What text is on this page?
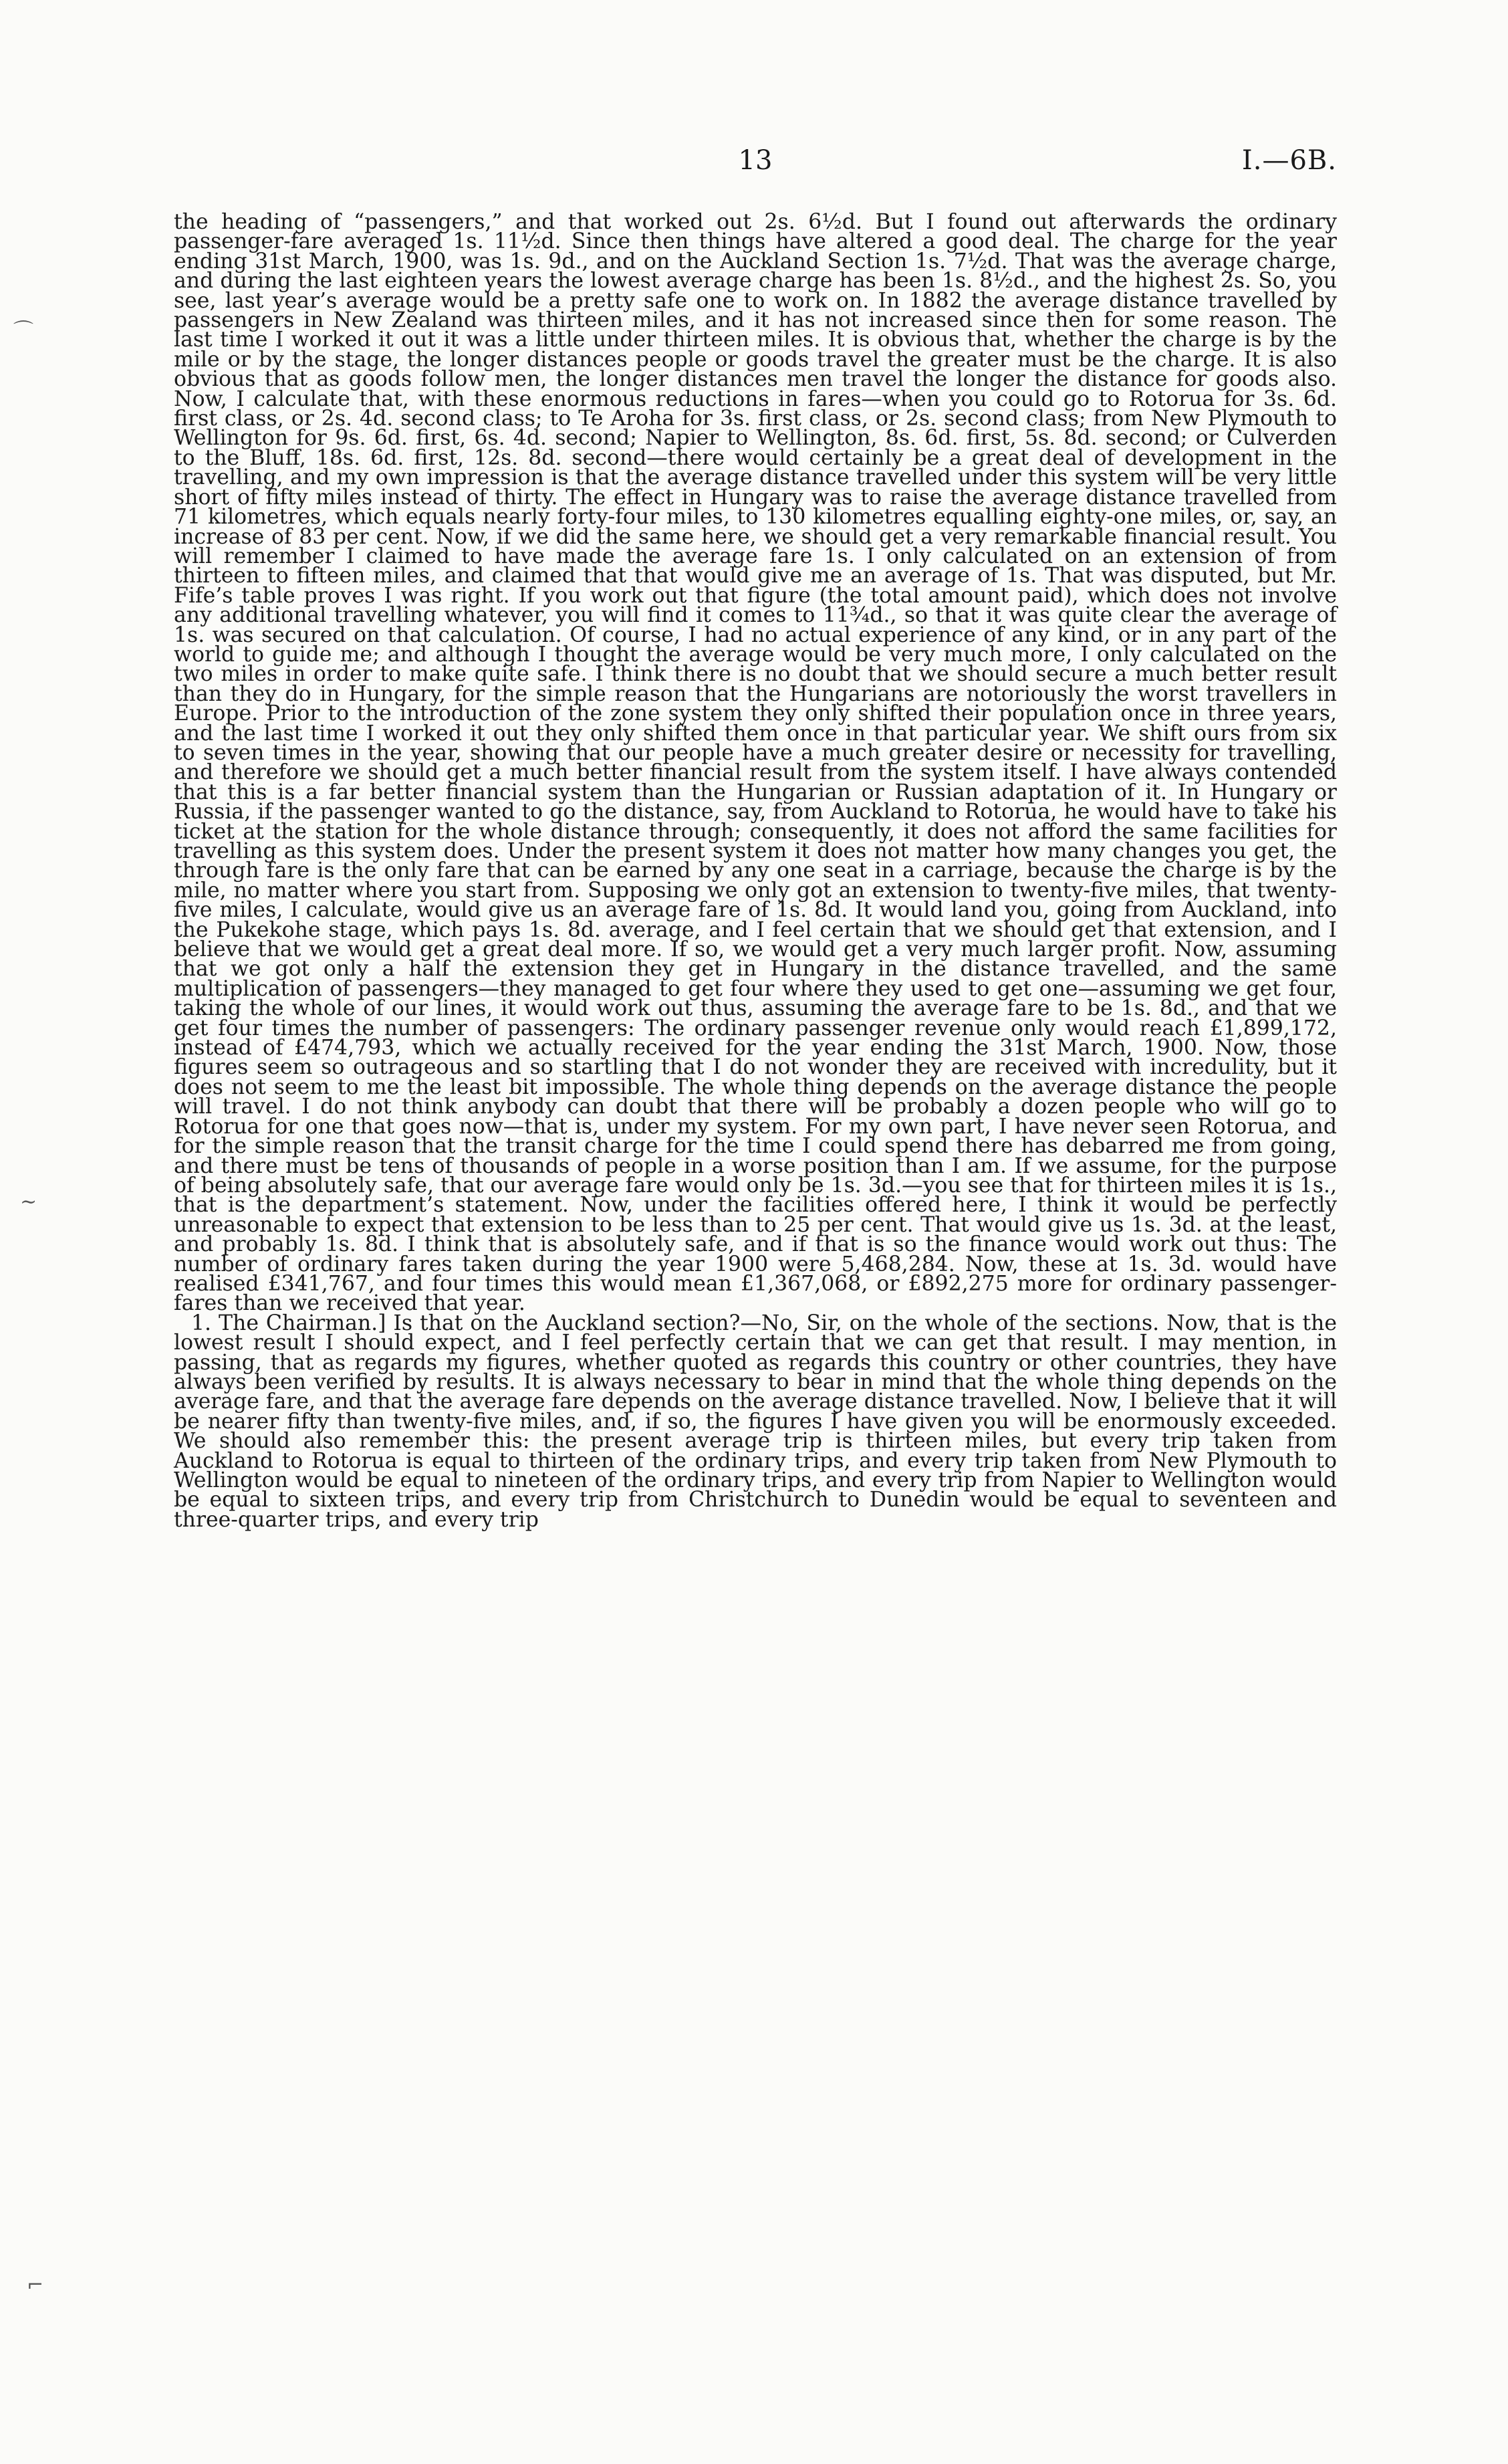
13	I.—6B.

the heading of “passengers,” and that worked out 2s. 6½d. But I found out afterwards the ordinary passenger-fare averaged 1s. 11½d. Since then things have altered a good deal. The charge for the year ending 31st March, 1900, was 1s. 9d., and on the Auckland Section 1s. 7½d. That was the average charge, and during the last eighteen years the lowest average charge has been 1s. 8½d., and the highest 2s. So, you see, last year’s average would be a pretty safe one to work on. In 1882 the average distance travelled by passengers in New Zealand was thirteen miles, and it has not increased since then for some reason. The last time I worked it out it was a little under thirteen miles. It is obvious that, whether the charge is by the mile or by the stage, the longer distances people or goods travel the greater must be the charge. It is also obvious that as goods follow men, the longer distances men travel the longer the distance for goods also. Now, I calculate that, with these enormous reductions in fares—when you could go to Rotorua for 3s. 6d. first class, or 2s. 4d. second class; to Te Aroha for 3s. first class, or 2s. second class; from New Plymouth to Wellington for 9s. 6d. first, 6s. 4d. second; Napier to Wellington, 8s. 6d. first, 5s. 8d. second; or Culverden to the Bluff, 18s. 6d. first, 12s. 8d. second—there would certainly be a great deal of development in the travelling, and my own impression is that the average distance travelled under this system will be very little short of fifty miles instead of thirty. The effect in Hungary was to raise the average distance travelled from 71 kilometres, which equals nearly forty-four miles, to 130 kilometres equalling eighty-one miles, or, say, an increase of 83 per cent. Now, if we did the same here, we should get a very remarkable financial result. You will remember I claimed to have made the average fare 1s. I only calculated on an extension of from thirteen to fifteen miles, and claimed that that would give me an average of 1s. That was disputed, but Mr. Fife’s table proves I was right. If you work out that figure (the total amount paid), which does not involve any additional travelling whatever, you will find it comes to 11¾d., so that it was quite clear the average of 1s. was secured on that calculation. Of course, I had no actual experience of any kind, or in any part of the world to guide me; and although I thought the average would be very much more, I only calculated on the two miles in order to make quite safe. I think there is no doubt that we should secure a much better result than they do in Hungary, for the simple reason that the Hungarians are notoriously the worst travellers in Europe. Prior to the introduction of the zone system they only shifted their population once in three years, and the last time I worked it out they only shifted them once in that particular year. We shift ours from six to seven times in the year, showing that our people have a much greater desire or necessity for travelling, and therefore we should get a much better financial result from the system itself. I have always contended that this is a far better financial system than the Hungarian or Russian adaptation of it. In Hungary or Russia, if the passenger wanted to go the distance, say, from Auckland to Rotorua, he would have to take his ticket at the station for the whole distance through; consequently, it does not afford the same facilities for travelling as this system does. Under the present system it does not matter how many changes you get, the through fare is the only fare that can be earned by any one seat in a carriage, because the charge is by the mile, no matter where you start from. Supposing we only got an extension to twenty-five miles, that twenty-five miles, I calculate, would give us an average fare of 1s. 8d. It would land you, going from Auckland, into the Pukekohe stage, which pays 1s. 8d. average, and I feel certain that we should get that extension, and I believe that we would get a great deal more. If so, we would get a very much larger profit. Now, assuming that we got only a half the extension they get in Hungary in the distance travelled, and the same multiplication of passengers—they managed to get four where they used to get one—assuming we get four, taking the whole of our lines, it would work out thus, assuming the average fare to be 1s. 8d., and that we get four times the number of passengers: The ordinary passenger revenue only would reach £1,899,172, instead of £474,793, which we actually received for the year ending the 31st March, 1900. Now, those figures seem so outrageous and so startling that I do not wonder they are received with incredulity, but it does not seem to me the least bit impossible. The whole thing depends on the average distance the people will travel. I do not think anybody can doubt that there will be probably a dozen people who will go to Rotorua for one that goes now—that is, under my system. For my own part, I have never seen Rotorua, and for the simple reason that the transit charge for the time I could spend there has debarred me from going, and there must be tens of thousands of people in a worse position than I am. If we assume, for the purpose of being absolutely safe, that our average fare would only be 1s. 3d.—you see that for thirteen miles it is 1s., that is the department’s statement. Now, under the facilities offered here, I think it would be perfectly unreasonable to expect that extension to be less than to 25 per cent. That would give us 1s. 3d. at the least, and probably 1s. 8d. I think that is absolutely safe, and if that is so the finance would work out thus: The number of ordinary fares taken during the year 1900 were 5,468,284. Now, these at 1s. 3d. would have realised £341,767, and four times this would mean £1,367,068, or £892,275 more for ordinary passenger-fares than we received that year.

1. The Chairman.] Is that on the Auckland section?—No, Sir, on the whole of the sections. Now, that is the lowest result I should expect, and I feel perfectly certain that we can get that result. I may mention, in passing, that as regards my figures, whether quoted as regards this country or other countries, they have always been verified by results. It is always necessary to bear in mind that the whole thing depends on the average fare, and that the average fare depends on the average distance travelled. Now, I believe that it will be nearer fifty than twenty-five miles, and, if so, the figures I have given you will be enormously exceeded. We should also remember this: the present average trip is thirteen miles, but every trip taken from Auckland to Rotorua is equal to thirteen of the ordinary trips, and every trip taken from New Plymouth to Wellington would be equal to nineteen of the ordinary trips, and every trip from Napier to Wellington would be equal to sixteen trips, and every trip from Christchurch to Dunedin would be equal to seventeen and three-quarter trips, and every trip

⌒
∼
⌐
